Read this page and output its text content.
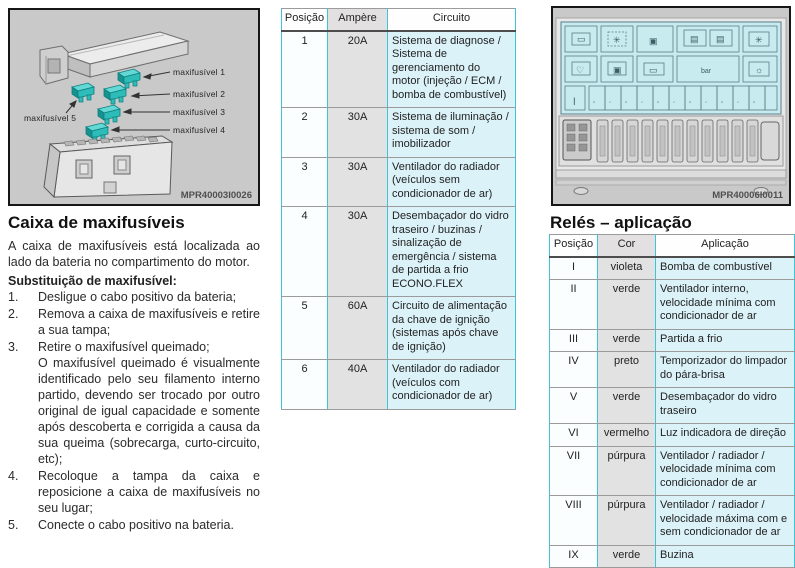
maxifusível 1
maxifusível 2
maxifusível 3
maxifusível 4
maxifusível 5
MPR40003I0026
Caixa de maxifusíveis

A caixa de maxifusíveis está localizada ao lado da bateria no compartimento do motor.

Substituição de maxifusível:

1.	Desligue o cabo positivo da bateria;

2.	Remova a caixa de maxifusíveis e retire a sua tampa;

3.	Retire o maxifusível queimado;

O maxifusível queimado é visualmente identificado pelo seu filamento interno partido, devendo ser trocado por outro original de igual capacidade e somente após descoberta e corrigida a causa da sua queima (sobrecarga, curto-circuito, etc);

4.	Recoloque a tampa da caixa e reposicione a caixa de maxifusíveis no seu lugar;

5.	Conecte o cabo positivo na bateria.

Posição	Ampère	Circuito
1	20A	Sistema de diagnose / Sistema de gerenciamento do motor (injeção / ECM / bomba de combustível)
2	30A	Sistema de iluminação / sistema de som / imobilizador
3	30A	Ventilador do radiador (veículos sem condicionador de ar)
4	30A	Desembaçador do vidro traseiro / buzinas / sinalização de emergência / sistema de partida a frio ECONO.FLEX
5	60A	Circuito de alimentação da chave de ignição (sistemas após chave de ignição)
6	40A	Ventilador do radiador (veículos com condicionador de ar)
▭	✳	▣	▤ ▤	✳
♡	▣	▭	bar	☼
ǀ	▫ ◦ ▫ ◦ ▫ ◦ ▫ ◦ ▫ ◦ ▫
MPR40006I0011
Relés – aplicação
Posição	Cor	Aplicação
I	violeta	Bomba de combustível
II	verde	Ventilador interno, velocidade mínima com condicionador de ar
III	verde	Partida a frio
IV	preto	Temporizador do limpador do pára-brisa
V	verde	Desembaçador do vidro traseiro
VI	vermelho	Luz indicadora de direção
VII	púrpura	Ventilador / radiador / velocidade mínima com condicionador de ar
VIII	púrpura	Ventilador / radiador / velocidade máxima com e sem condicionador de ar
IX	verde	Buzina
